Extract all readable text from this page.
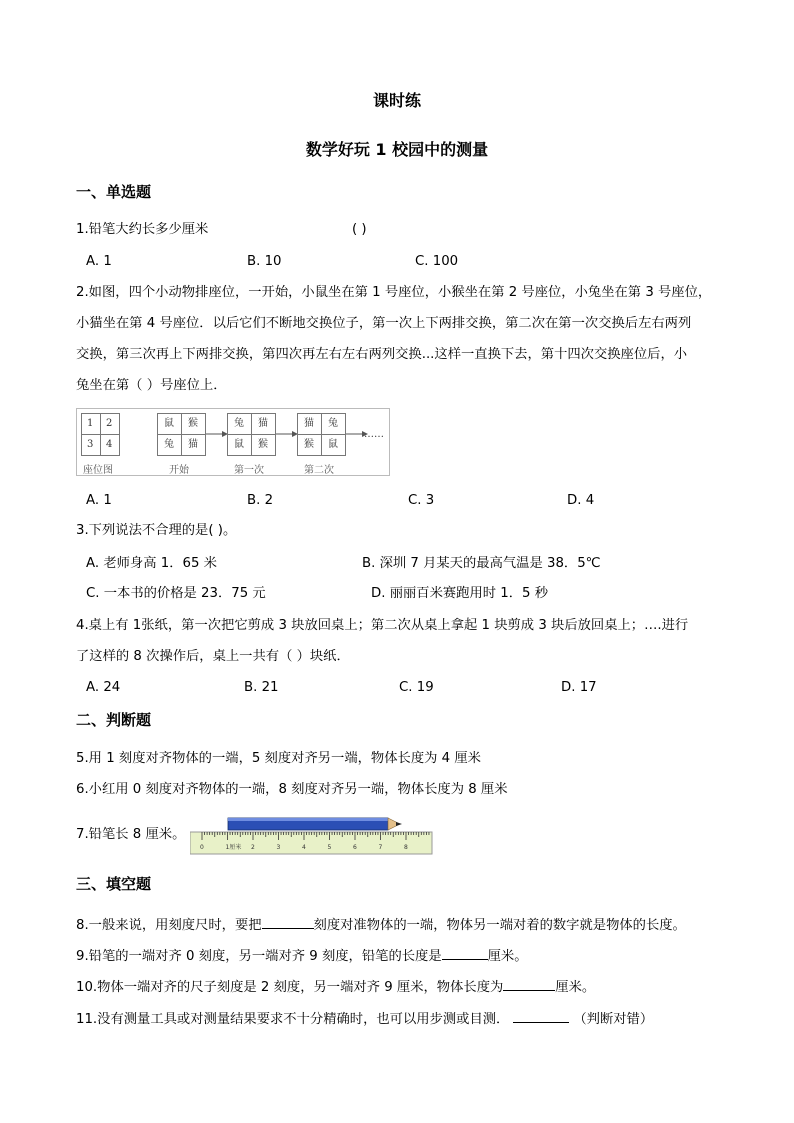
课时练
数学好玩 1 校园中的测量
一、单选题
1.铅笔大约长多少厘米	( )
A. 1	B. 10	C. 100
2.如图，四个小动物排座位，一开始，小鼠坐在第 1 号座位，小猴坐在第 2 号座位，小兔坐在第 3 号座位，
小猫坐在第 4 号座位．以后它们不断地交换位子，第一次上下两排交换，第二次在第一次交换后左右两列
交换，第三次再上下两排交换，第四次再左右左右两列交换...这样一直换下去，第十四次交换座位后，小
兔坐在第（ ）号座位上．
1 2
3 4
座位图
鼠 猴
兔 猫
开始
兔 猫
鼠 猴
第一次
猫 兔
猴 鼠
第二次
……
A. 1	B. 2	C. 3	D. 4
3.下列说法不合理的是( )。
A. 老师身高 1．65 米	B. 深圳 7 月某天的最高气温是 38．5℃
C. 一本书的价格是 23．75 元	D. 丽丽百米赛跑用时 1．5 秒
4.桌上有 1张纸，第一次把它剪成 3 块放回桌上；第二次从桌上拿起 1 块剪成 3 块后放回桌上；….进行
了这样的 8 次操作后，桌上一共有（ ）块纸．
A. 24	B. 21	C. 19	D. 17
二、判断题
5.用 1 刻度对齐物体的一端，5 刻度对齐另一端，物体长度为 4 厘米
6.小红用 0 刻度对齐物体的一端，8 刻度对齐另一端，物体长度为 8 厘米
7.铅笔长 8 厘米。
0	1厘米 2	3	4	5	6	7	8
三、填空题
8.一般来说，用刻度尺时，要把	刻度对准物体的一端，物体另一端对着的数字就是物体的长度。
9.铅笔的一端对齐 0 刻度，另一端对齐 9 刻度，铅笔的长度是	厘米。
10.物体一端对齐的尺子刻度是 2 刻度，另一端对齐 9 厘米，物体长度为	厘米。
11.没有测量工具或对测量结果要求不十分精确时，也可以用步测或目测．	（判断对错）
